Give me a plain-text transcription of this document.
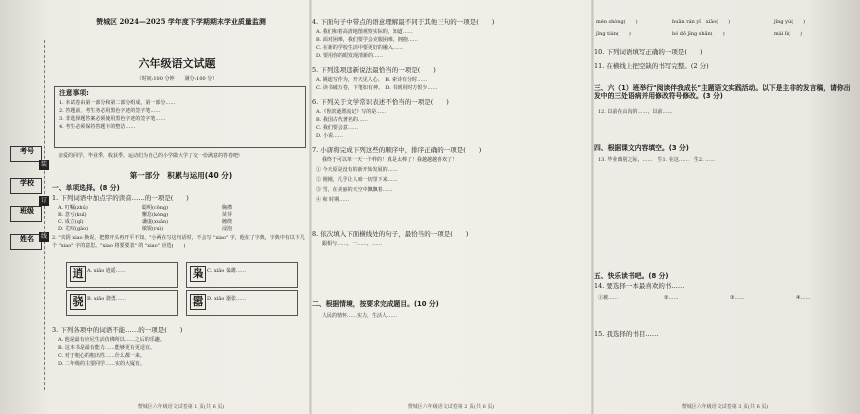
考号
学校
班级
姓名
装
订
线
赞城区 2024—2025 学年度下学期期末学业质量监测
六年级语文试题
（时间:100 分钟　　满分:100 分）
注意事项:
1. 本试卷由第一部分和第二部分组成，第一部分……
2. 答题前，考生务必用黑色字迹的签字笔……
3. 非选择题答案必须使用黑色字迹的签字笔……
4. 考生必须保持答题卡的整洁……
亲爱的同学，毕业季，收获季。运动们为自己的小学做大学了交一份满意的答卷吧!
第一部分　积累与运用(40 分)
一、单项选择。(8 分)
1. 下列词语中加点字的读音……的一项是(　　)
A. 叮嘱(zhǔ)	聪明(cōng)	胸襟
B. 忽亏(kuī)	懈怠(kòng)	苗芽
C. 成立(qǐ)	谦虚(xuān)	缠绕
D. 尤叹(gāo)	敏锐(ruì)	浸泡
2. "夹阴 xiao 换说，把擦开头再开平不知，"小两在写这句话时，不会写 "xiao" 字，他在了字典，字典中有以下几个 "xiao" 字的意思。"xiao 将要要表" 的 "xiao" 应选(　　)
逍 A. xiāo 逍遥……	枭 C. xiāo 枭雄……
骁 B. xiāo 骁勇……	嚣 D. xiāo 嚣张……
3. 下列各项中的词语不能……的一项是(　　)
A. 他是最有应尼生活仿佛所以……之后的乐趣。
B. 这本书是最有能力……能够更有更适宜。
C. 对于粗心的粗出性……什么都一来。
D. 二年级的主要同学……实的大厦有。
赞城区六年级语文试卷第 1 页(共 6 页)
4. 下面句子中带点的语意理解最不同于其他三句的一项是(　　)
A. 我们和着高清地图观察实际的，知道……
B. 面对困难，我们要学会克服困难，拥抱……
C. 在新的学校生活中要更好的融入……
D. 要用你的眼发现清新的……
5. 下列选项违新说法最恰当的一项是(　　)
A. 姚迪写作为，开天见人心。　B. 索诗有分时……
C. 读书破万卷，下笔如有神。　D. 书到用时方恨少……
6. 下列关于文学常识表述不恰当的一项是(　　)
A.《鲁滨逊漂流记》写的是……
B. 我国古代著名的……
C. 我们要会意……
D. 小说……
7. 小唐将完成下列这些的顺序中，排序正确的一项是(　　)
我终于可以单一天一个样的！真是太棒了！我越越越喜欢了！
① 今天原是没有的新开始发展的……
② 刚刚，几乎让人咱一切里下来……
③ 雪，在美丽的天空中飘飘着……
④ 和 时期……
8. 依次填入下面横线处的句子，最恰当的一项是(　　)
跟相与……，一……，……
二、根据情境，按要求完成题目。(10 分)
人民的情怀……实力，生活人……
赞城区六年级语文试卷第 2 页(共 6 页)
mén shòng(　　)	huān rán yǐ　xiǎo(　　)	jǐng yú(　　)
jǐng tián(　　)	bó dǒ jǐng shān(　　)	mài lì(　　)
10. 下列词语填写正确的一项是(　　)
11. 在横线上把空缺的书写完整。(2 分)
三、六（1）班举行"阅读伴我成长"主题语文实践活动。以下是主非的发言稿，请你出发中的三处语病并用修改符号修改。(3 分)
12. 以前在山沟的……，以前……
四、根据课文内容填空。(3 分)
13. 毕业离别之际，……　生1. 在这……　生2. ……
五、快乐读书吧。(8 分)
14. 要选择一本最喜欢的书……
①被……	②……	③……	④……
15. 我选择的书目……
赞城区六年级语文试卷第 3 页(共 6 页)
